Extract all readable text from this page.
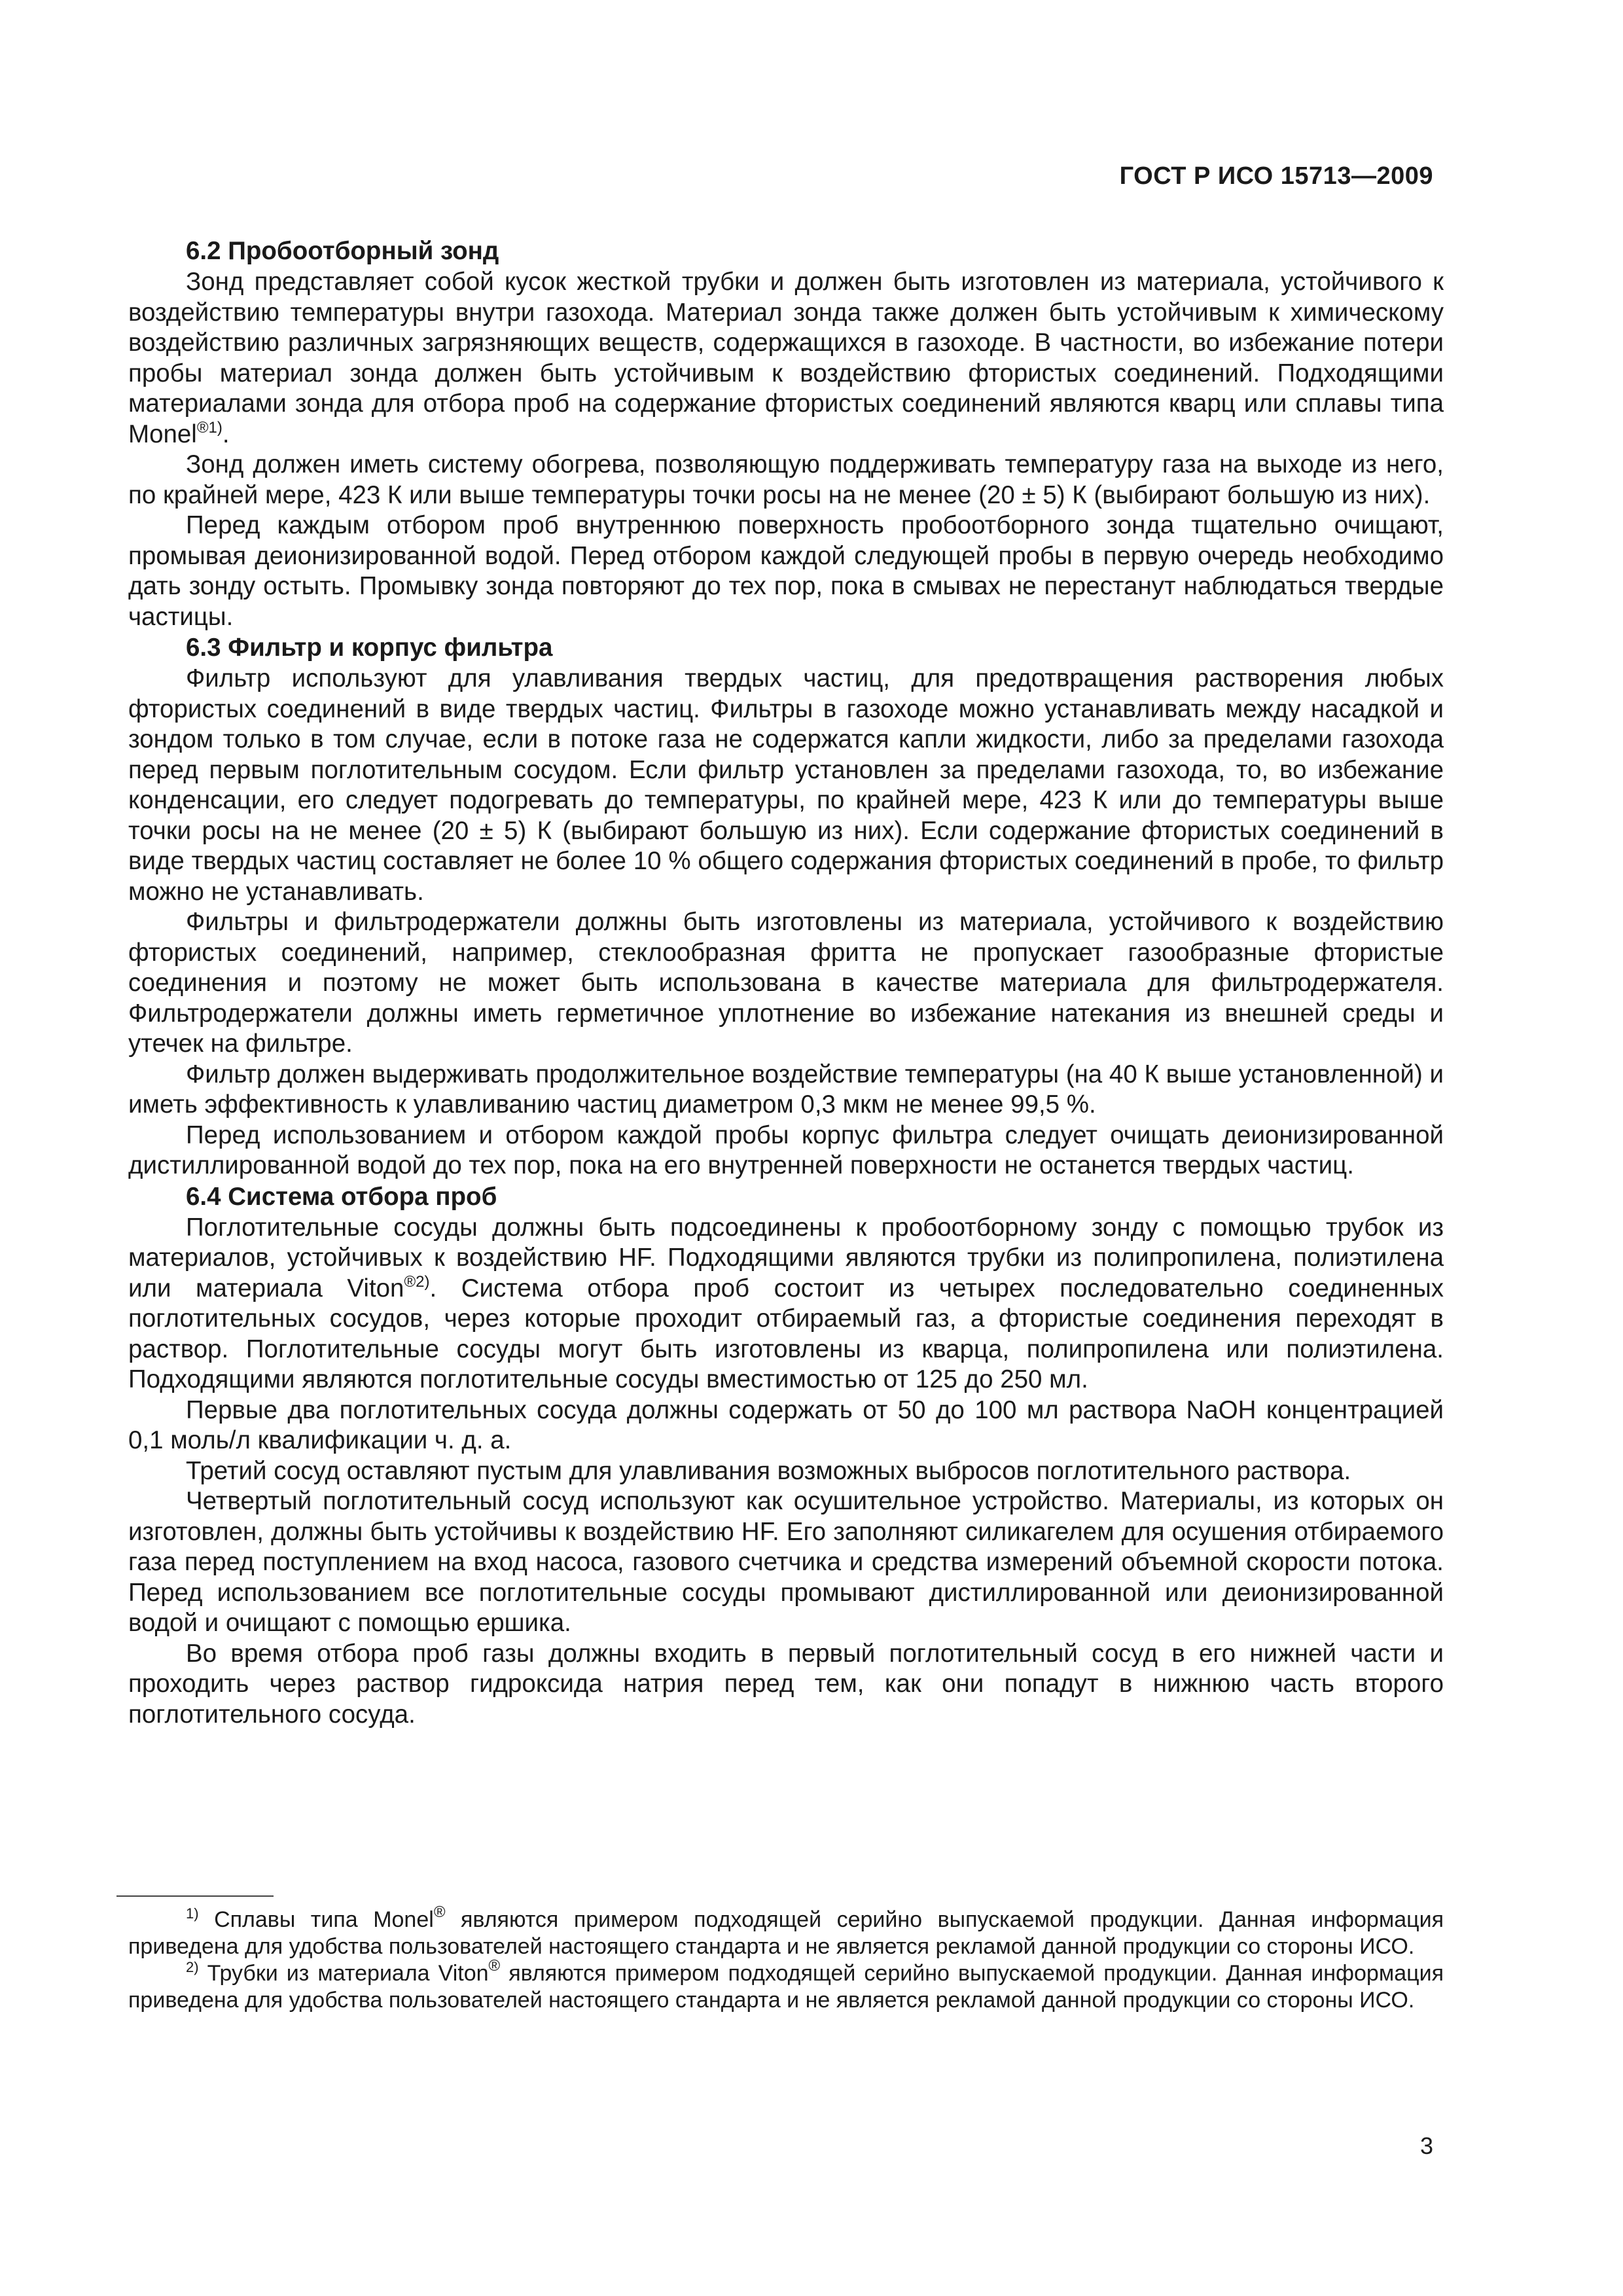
ГОСТ Р ИСО 15713—2009
6.2 Пробоотборный зонд

Зонд представляет собой кусок жесткой трубки и должен быть изготовлен из материала, устойчивого к воздействию температуры внутри газохода. Материал зонда также должен быть устойчивым к химическому воздействию различных загрязняющих веществ, содержащихся в газоходе. В частности, во избежание потери пробы материал зонда должен быть устойчивым к воздействию фтористых соединений. Подходящими материалами зонда для отбора проб на содержание фтористых соединений являются кварц или сплавы типа Monel$^{®1)}$.

Зонд должен иметь систему обогрева, позволяющую поддерживать температуру газа на выходе из него, по крайней мере, 423 К или выше температуры точки росы на не менее (20 ± 5) К (выбирают большую из них).

Перед каждым отбором проб внутреннюю поверхность пробоотборного зонда тщательно очищают, промывая деионизированной водой. Перед отбором каждой следующей пробы в первую очередь необходимо дать зонду остыть. Промывку зонда повторяют до тех пор, пока в смывах не перестанут наблюдаться твердые частицы.

6.3 Фильтр и корпус фильтра

Фильтр используют для улавливания твердых частиц, для предотвращения растворения любых фтористых соединений в виде твердых частиц. Фильтры в газоходе можно устанавливать между насадкой и зондом только в том случае, если в потоке газа не содержатся капли жидкости, либо за пределами газохода перед первым поглотительным сосудом. Если фильтр установлен за пределами газохода, то, во избежание конденсации, его следует подогревать до температуры, по крайней мере, 423 К или до температуры выше точки росы на не менее (20 ± 5) К (выбирают большую из них). Если содержание фтористых соединений в виде твердых частиц составляет не более 10 % общего содержания фтористых соединений в пробе, то фильтр можно не устанавливать.

Фильтры и фильтродержатели должны быть изготовлены из материала, устойчивого к воздействию фтористых соединений, например, стеклообразная фритта не пропускает газообразные фтористые соединения и поэтому не может быть использована в качестве материала для фильтродержателя. Фильтродержатели должны иметь герметичное уплотнение во избежание натекания из внешней среды и утечек на фильтре.

Фильтр должен выдерживать продолжительное воздействие температуры (на 40 К выше установленной) и иметь эффективность к улавливанию частиц диаметром 0,3 мкм не менее 99,5 %.

Перед использованием и отбором каждой пробы корпус фильтра следует очищать деионизированной дистиллированной водой до тех пор, пока на его внутренней поверхности не останется твердых частиц.

6.4 Система отбора проб

Поглотительные сосуды должны быть подсоединены к пробоотборному зонду с помощью трубок из материалов, устойчивых к воздействию HF. Подходящими являются трубки из полипропилена, полиэтилена или материала Viton$^{®2)}$. Система отбора проб состоит из четырех последовательно соединенных поглотительных сосудов, через которые проходит отбираемый газ, а фтористые соединения переходят в раствор. Поглотительные сосуды могут быть изготовлены из кварца, полипропилена или полиэтилена. Подходящими являются поглотительные сосуды вместимостью от 125 до 250 мл.

Первые два поглотительных сосуда должны содержать от 50 до 100 мл раствора NaOH концентрацией 0,1 моль/л квалификации ч. д. а.

Третий сосуд оставляют пустым для улавливания возможных выбросов поглотительного раствора.

Четвертый поглотительный сосуд используют как осушительное устройство. Материалы, из которых он изготовлен, должны быть устойчивы к воздействию HF. Его заполняют силикагелем для осушения отбираемого газа перед поступлением на вход насоса, газового счетчика и средства измерений объемной скорости потока. Перед использованием все поглотительные сосуды промывают дистиллированной или деионизированной водой и очищают с помощью ершика.

Во время отбора проб газы должны входить в первый поглотительный сосуд в его нижней части и проходить через раствор гидроксида натрия перед тем, как они попадут в нижнюю часть второго поглотительного сосуда.

$^{1)}$ Сплавы типа Monel® являются примером подходящей серийно выпускаемой продукции. Данная информация приведена для удобства пользователей настоящего стандарта и не является рекламой данной продукции со стороны ИСО.

$^{2)}$ Трубки из материала Viton® являются примером подходящей серийно выпускаемой продукции. Данная информация приведена для удобства пользователей настоящего стандарта и не является рекламой данной продукции со стороны ИСО.

3
